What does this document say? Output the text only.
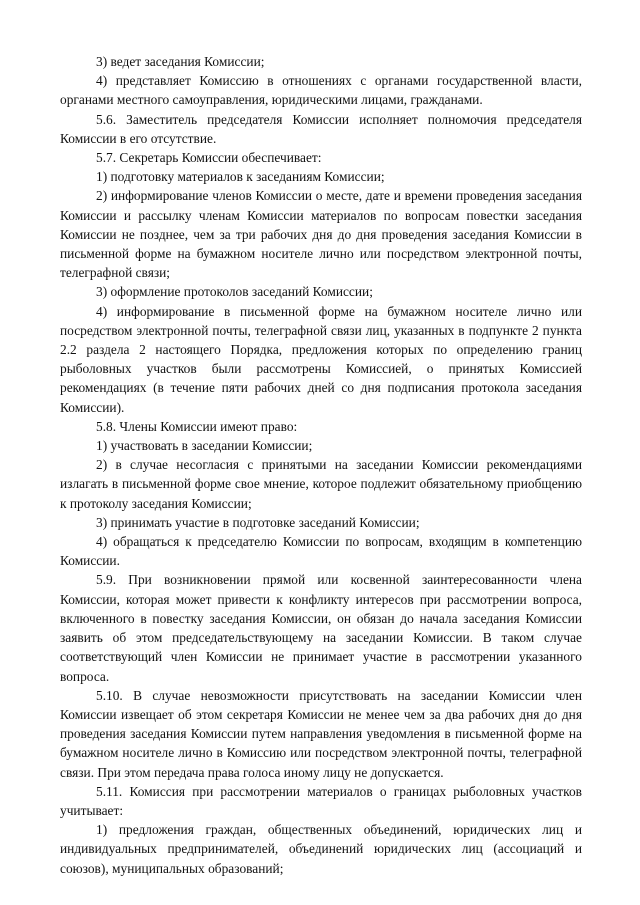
3) ведет заседания Комиссии;

4) представляет Комиссию в отношениях с органами государственной власти, органами местного самоуправления, юридическими лицами, гражданами.

5.6. Заместитель председателя Комиссии исполняет полномочия председателя Комиссии в его отсутствие.

5.7. Секретарь Комиссии обеспечивает:

1) подготовку материалов к заседаниям Комиссии;

2) информирование членов Комиссии о месте, дате и времени проведения заседания Комиссии и рассылку членам Комиссии материалов по вопросам повестки заседания Комиссии не позднее, чем за три рабочих дня до дня проведения заседания Комиссии в письменной форме на бумажном носителе лично или посредством электронной почты, телеграфной связи;

3) оформление протоколов заседаний Комиссии;

4) информирование в письменной форме на бумажном носителе лично или посредством электронной почты, телеграфной связи лиц, указанных в подпункте 2 пункта 2.2 раздела 2 настоящего Порядка, предложения которых по определению границ рыболовных участков были рассмотрены Комиссией, о принятых Комиссией рекомендациях (в течение пяти рабочих дней со дня подписания протокола заседания Комиссии).

5.8. Члены Комиссии имеют право:

1) участвовать в заседании Комиссии;

2) в случае несогласия с принятыми на заседании Комиссии рекомендациями излагать в письменной форме свое мнение, которое подлежит обязательному приобщению к протоколу заседания Комиссии;

3) принимать участие в подготовке заседаний Комиссии;

4) обращаться к председателю Комиссии по вопросам, входящим в компетенцию Комиссии.

5.9. При возникновении прямой или косвенной заинтересованности члена Комиссии, которая может привести к конфликту интересов при рассмотрении вопроса, включенного в повестку заседания Комиссии, он обязан до начала заседания Комиссии заявить об этом председательствующему на заседании Комиссии. В таком случае соответствующий член Комиссии не принимает участие в рассмотрении указанного вопроса.

5.10. В случае невозможности присутствовать на заседании Комиссии член Комиссии извещает об этом секретаря Комиссии не менее чем за два рабочих дня до дня проведения заседания Комиссии путем направления уведомления в письменной форме на бумажном носителе лично в Комиссию или посредством электронной почты, телеграфной связи. При этом передача права голоса иному лицу не допускается.

5.11. Комиссия при рассмотрении материалов о границах рыболовных участков учитывает:

1) предложения граждан, общественных объединений, юридических лиц и индивидуальных предпринимателей, объединений юридических лиц (ассоциаций и союзов), муниципальных образований;
